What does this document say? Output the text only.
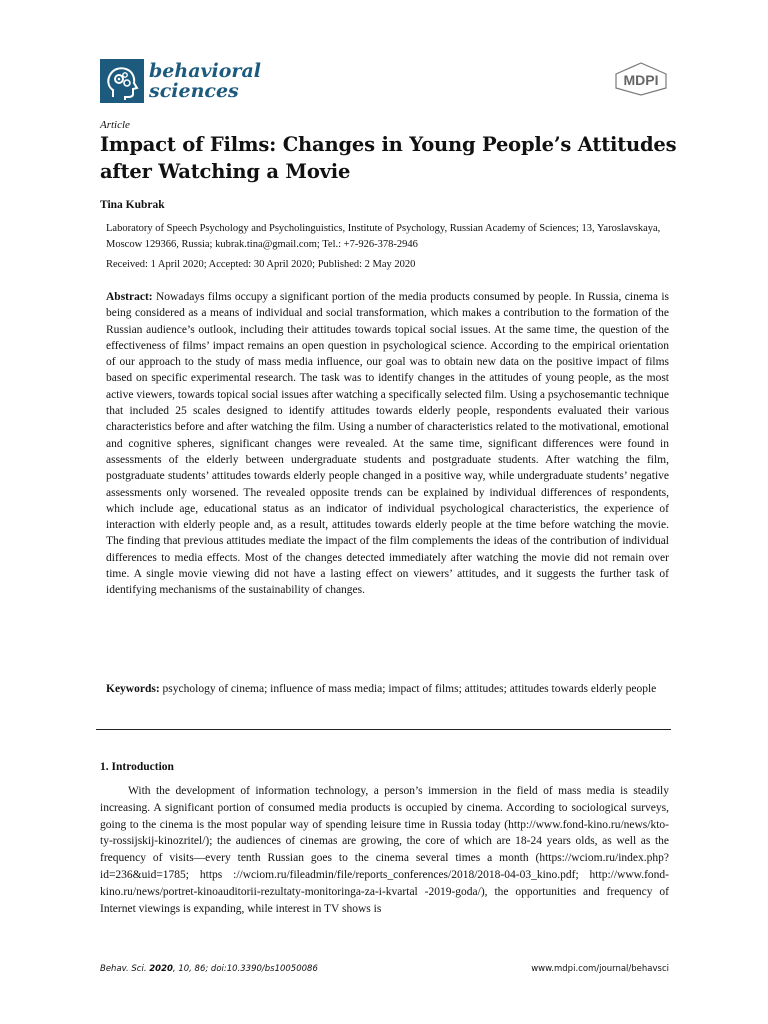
behavioral
sciences	MDPI
Article
Impact of Films: Changes in Young People’s Attitudes after Watching a Movie
Tina Kubrak

Laboratory of Speech Psychology and Psycholinguistics, Institute of Psychology, Russian Academy of Sciences; 13, Yaroslavskaya, Moscow 129366, Russia; kubrak.tina@gmail.com; Tel.: +7-926-378-2946

Received: 1 April 2020; Accepted: 30 April 2020; Published: 2 May 2020

Abstract: Nowadays films occupy a significant portion of the media products consumed by people. In Russia, cinema is being considered as a means of individual and social transformation, which makes a contribution to the formation of the Russian audience’s outlook, including their attitudes towards topical social issues. At the same time, the question of the effectiveness of films’ impact remains an open question in psychological science. According to the empirical orientation of our approach to the study of mass media influence, our goal was to obtain new data on the positive impact of films based on specific experimental research. The task was to identify changes in the attitudes of young people, as the most active viewers, towards topical social issues after watching a specifically selected film. Using a psychosemantic technique that included 25 scales designed to identify attitudes towards elderly people, respondents evaluated their various characteristics before and after watching the film. Using a number of characteristics related to the motivational, emotional and cognitive spheres, significant changes were revealed. At the same time, significant differences were found in assessments of the elderly between undergraduate students and postgraduate students. After watching the film, postgraduate students’ attitudes towards elderly people changed in a positive way, while undergraduate students’ negative assessments only worsened. The revealed opposite trends can be explained by individual differences of respondents, which include age, educational status as an indicator of individual psychological characteristics, the experience of interaction with elderly people and, as a result, attitudes towards elderly people at the time before watching the movie. The finding that previous attitudes mediate the impact of the film complements the ideas of the contribution of individual differences to media effects. Most of the changes detected immediately after watching the movie did not remain over time. A single movie viewing did not have a lasting effect on viewers’ attitudes, and it suggests the further task of identifying mechanisms of the sustainability of changes.

Keywords: psychology of cinema; influence of mass media; impact of films; attitudes; attitudes towards elderly people

1. Introduction

With the development of information technology, a person’s immersion in the field of mass media is steadily increasing. A significant portion of consumed media products is occupied by cinema. According to sociological surveys, going to the cinema is the most popular way of spending leisure time in Russia today (http://www.fond-kino.ru/news/kto-ty-rossijskij-kinozritel/); the audiences of cinemas are growing, the core of which are 18-24 years olds, as well as the frequency of visits—every tenth Russian goes to the cinema several times a month (https://wciom.ru/index.php?id=236&uid=1785; https ://wciom.ru/fileadmin/file/reports_conferences/2018/2018-04-03_kino.pdf; http://www.fond-kino.ru/news/portret-kinoauditorii-rezultaty-monitoringa-za-i-kvartal -2019-goda/), the opportunities and frequency of Internet viewings is expanding, while interest in TV shows is

Behav. Sci. 2020, 10, 86; doi:10.3390/bs10050086	www.mdpi.com/journal/behavsci
